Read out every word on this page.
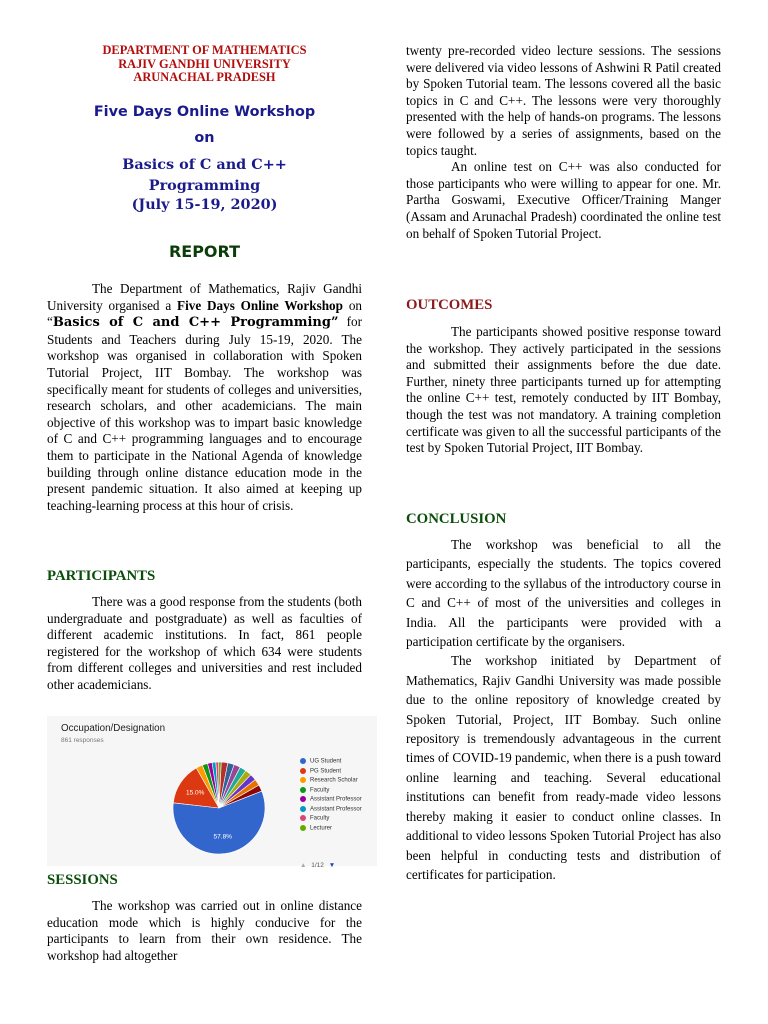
DEPARTMENT OF MATHEMATICS
RAJIV GANDHI UNIVERSITY
ARUNACHAL PRADESH
Five Days Online Workshop
on
Basics of C and C++
Programming
(July 15-19, 2020)
REPORT

The Department of Mathematics, Rajiv Gandhi University organised a Five Days Online Workshop on “Basics of C and C++ Programming” for Students and Teachers during July 15-19, 2020. The workshop was organised in collaboration with Spoken Tutorial Project, IIT Bombay. The workshop was specifically meant for students of colleges and universities, research scholars, and other academicians. The main objective of this workshop was to impart basic knowledge of C and C++ programming languages and to encourage them to participate in the National Agenda of knowledge building through online distance education mode in the present pandemic situation. It also aimed at keeping up teaching-learning process at this hour of crisis.

PARTICIPANTS

There was a good response from the students (both undergraduate and postgraduate) as well as faculties of different academic institutions. In fact, 861 people registered for the workshop of which 634 were students from different colleges and universities and rest included other academicians.

Occupation/Designation
861 responses
57.8%
15.0%
UG Student
PG Student
Research Scholar
Faculty
Assistant Professor
Assistant Professor
Faculty
Lecturer
▲ 1/12 ▼
SESSIONS

The workshop was carried out in online distance education mode which is highly conducive for the participants to learn from their own residence. The workshop had altogether

twenty pre-recorded video lecture sessions. The sessions were delivered via video lessons of Ashwini R Patil created by Spoken Tutorial team. The lessons covered all the basic topics in C and C++. The lessons were very thoroughly presented with the help of hands-on programs. The lessons were followed by a series of assignments, based on the topics taught.

An online test on C++ was also conducted for those participants who were willing to appear for one. Mr. Partha Goswami, Executive Officer/Training Manger (Assam and Arunachal Pradesh) coordinated the online test on behalf of Spoken Tutorial Project.

OUTCOMES

The participants showed positive response toward the workshop. They actively participated in the sessions and submitted their assignments before the due date. Further, ninety three participants turned up for attempting the online C++ test, remotely conducted by IIT Bombay, though the test was not mandatory. A training completion certificate was given to all the successful participants of the test by Spoken Tutorial Project, IIT Bombay.

CONCLUSION

The workshop was beneficial to all the participants, especially the students. The topics covered were according to the syllabus of the introductory course in C and C++ of most of the universities and colleges in India. All the participants were provided with a participation certificate by the organisers.

The workshop initiated by Department of Mathematics, Rajiv Gandhi University was made possible due to the online repository of knowledge created by Spoken Tutorial, Project, IIT Bombay. Such online repository is tremendously advantageous in the current times of COVID-19 pandemic, when there is a push toward online learning and teaching. Several educational institutions can benefit from ready-made video lessons thereby making it easier to conduct online classes. In additional to video lessons Spoken Tutorial Project has also been helpful in conducting tests and distribution of certificates for participation.
